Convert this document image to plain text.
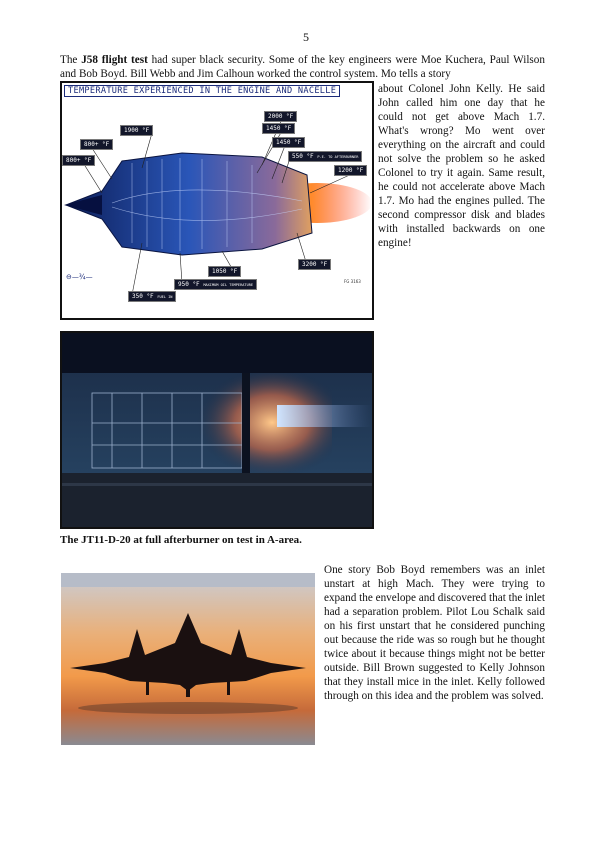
5
The J58 flight test had super black security. Some of the key engineers were Moe Kuchera, Paul Wilson and Bob Boyd. Bill Webb and Jim Calhoun worked the control system. Mo tells a story
TEMPERATURE EXPERIENCED IN THE ENGINE AND NACELLE
2000 °F
1900 °F	1450 °F
1450 °F
800+ °F
800+ °F
550 °F P.E. TO AFTERBURNER
1200 °F
3200 °F
1050 °F
950 °F MAXIMUM OIL TEMPERATURE
350 °F FUEL IN
⊖—¾—
FG 3163
about Colonel John Kelly. He said John called him one day that he could not get above Mach 1.7. What's wrong? Mo went over everything on the aircraft and could not solve the problem so he asked Colonel to try it again. Same result, he could not accelerate above Mach 1.7. Mo had the engines pulled. The second compressor disk and blades with installed backwards on one engine!
The JT11-D-20 at full afterburner on test in A-area.
One story Bob Boyd remembers was an inlet unstart at high Mach. They were trying to expand the envelope and discovered that the inlet had a separation problem. Pilot Lou Schalk said on his first unstart that he considered punching out because the ride was so rough but he thought twice about it because things might not be better outside. Bill Brown suggested to Kelly Johnson that they install mice in the inlet. Kelly followed through on this idea and the problem was solved.
